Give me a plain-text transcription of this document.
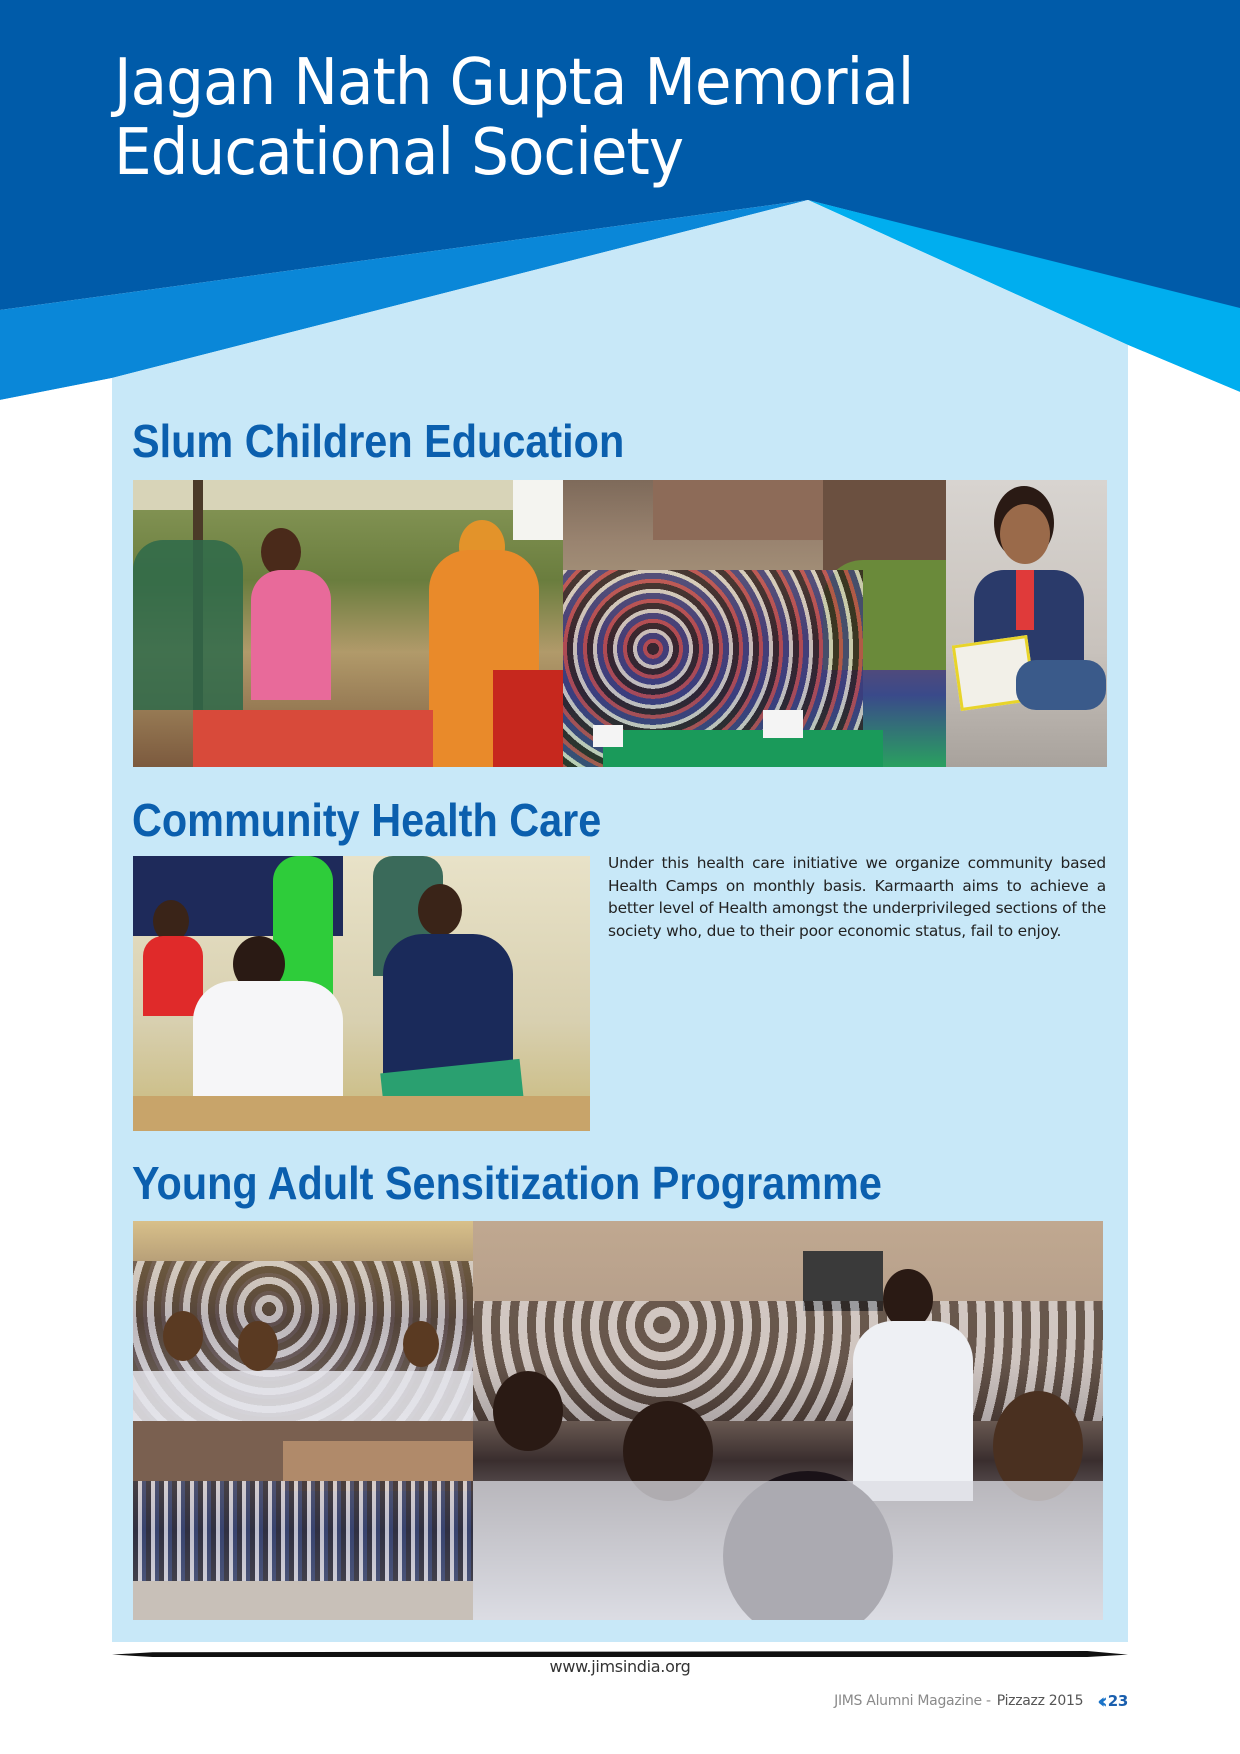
Jagan Nath Gupta Memorial
Educational Society
Slum Children Education
Community Health Care
Under this health care initiative we organize community based Health Camps on monthly basis. Karmaarth aims to achieve a better level of Health amongst the underprivileged sections of the society who, due to their poor economic status, fail to enjoy.
Young Adult Sensitization Programme
www.jimsindia.org
JIMS Alumni Magazine - Pizzazz 2015 ‹‹ 23
